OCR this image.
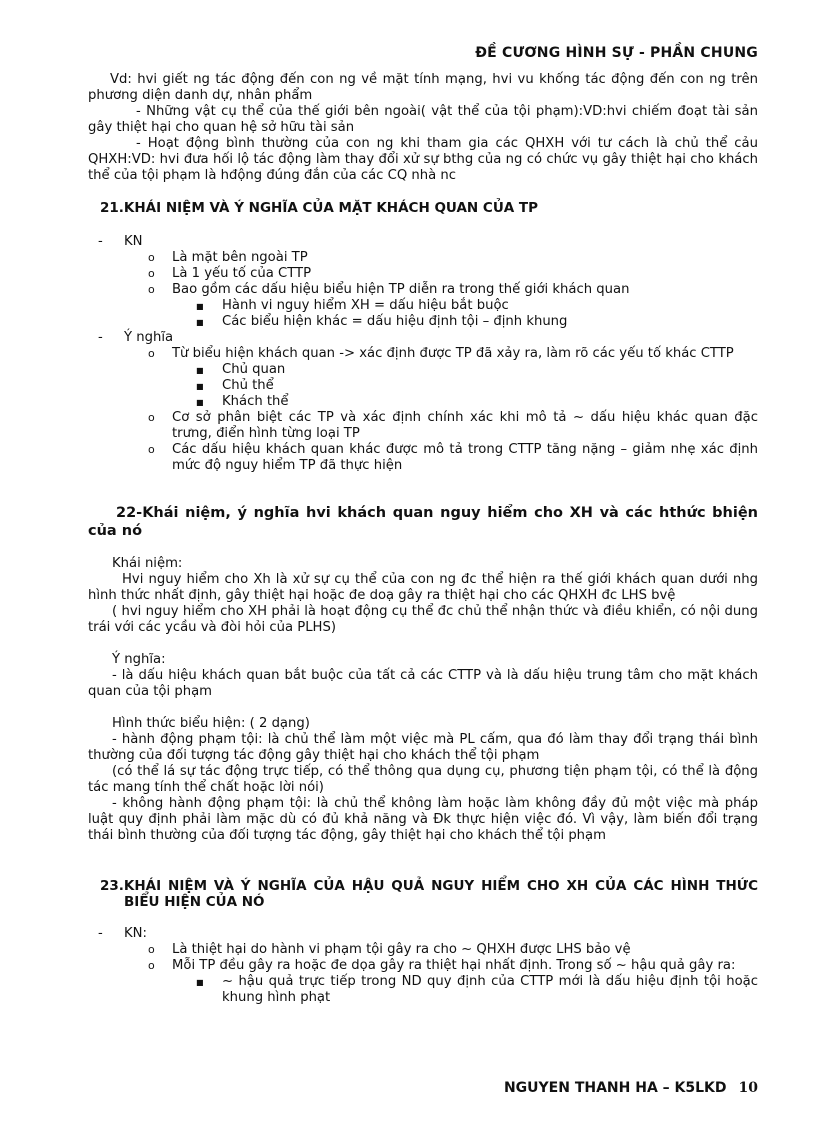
ĐỀ CƯƠNG HÌNH SỰ - PHẦN CHUNG

Vd: hvi giết ng tác động đến con ng về mặt tính mạng, hvi vu khống tác động đến con ng trên phương diện danh dự, nhân phẩm

- Những vật cụ thể của thế giới bên ngoài( vật thể của tội phạm):VD:hvi chiếm đoạt tài sản gây thiệt hại cho quan hệ sở hữu tài sản

- Hoạt động bình thường của con ng khi tham gia các QHXH với tư cách là chủ thể cảu QHXH:VD: hvi đưa hối lộ tác động làm thay đổi xử sự bthg của ng có chức vụ gây thiệt hại cho khách thể của tội phạm là hđộng đúng đắn của các CQ nhà nc

21.KHÁI NIỆM VÀ Ý NGHĨA CỦA MẶT KHÁCH QUAN CỦA TP

- KN

o Là mặt bên ngoài TP

o Là 1 yếu tố của CTTP

o Bao gồm các dấu hiệu biểu hiện TP diễn ra trong thế giới khách quan

■ Hành vi nguy hiểm XH = dấu hiệu bắt buộc

■ Các biểu hiện khác = dấu hiệu định tội – định khung

- Ý nghĩa

o Từ biểu hiện khách quan -> xác định được TP đã xảy ra, làm rõ các yếu tố khác CTTP

■ Chủ quan

■ Chủ thể

■ Khách thể

o Cơ sở phân biệt các TP và xác định chính xác khi mô tả ~ dấu hiệu khác quan đặc trưng, điển hình từng loại TP

o Các dấu hiệu khách quan khác được mô tả trong CTTP tăng nặng – giảm nhẹ xác định mức độ nguy hiểm TP đã thực hiện

22-Khái niệm, ý nghĩa hvi khách quan nguy hiểm cho XH và các hthức bhiện của nó

Khái niệm:

Hvi nguy hiểm cho Xh là xử sự cụ thể của con ng đc thể hiện ra thế giới khách quan dưới nhg hình thức nhất định, gây thiệt hại hoặc đe doạ gây ra thiệt hại cho các QHXH đc LHS bvệ

( hvi nguy hiểm cho XH phải là hoạt động cụ thể đc chủ thể nhận thức và điều khiển, có nội dung trái với các ycầu và đòi hỏi của PLHS)

Ý nghĩa:

- là dấu hiệu khách quan bắt buộc của tất cả các CTTP và là dấu hiệu trung tâm cho mặt khách quan của tội phạm

Hình thức biểu hiện: ( 2 dạng)

- hành động phạm tội: là chủ thể làm một việc mà PL cấm, qua đó làm thay đổi trạng thái bình thường của đối tượng tác động gây thiệt hại cho khách thể tội phạm

(có thể lá sự tác động trực tiếp, có thể thông qua dụng cụ, phương tiện phạm tội, có thể là động tác mang tính thể chất hoặc lời nói)

- không hành động phạm tội: là chủ thể không làm hoặc làm không đầy đủ một việc mà pháp luật quy định phải làm mặc dù có đủ khả năng và Đk thực hiện việc đó. Vì vậy, làm biến đổi trạng thái bình thường của đối tượng tác động, gây thiệt hại cho khách thể tội phạm

23.KHÁI NIỆM VÀ Ý NGHĨA CỦA HẬU QUẢ NGUY HIỂM CHO XH CỦA CÁC HÌNH THỨC BIỂU HIỆN CỦA NÓ

- KN:

o Là thiệt hại do hành vi phạm tội gây ra cho ~ QHXH được LHS bảo vệ

o Mỗi TP đều gây ra hoặc đe dọa gây ra thiệt hại nhất định. Trong số ~ hậu quả gây ra:

■ ~ hậu quả trực tiếp trong ND quy định của CTTP mới là dấu hiệu định tội hoặc khung hình phạt

NGUYEN THANH HA – K5LKD 10
